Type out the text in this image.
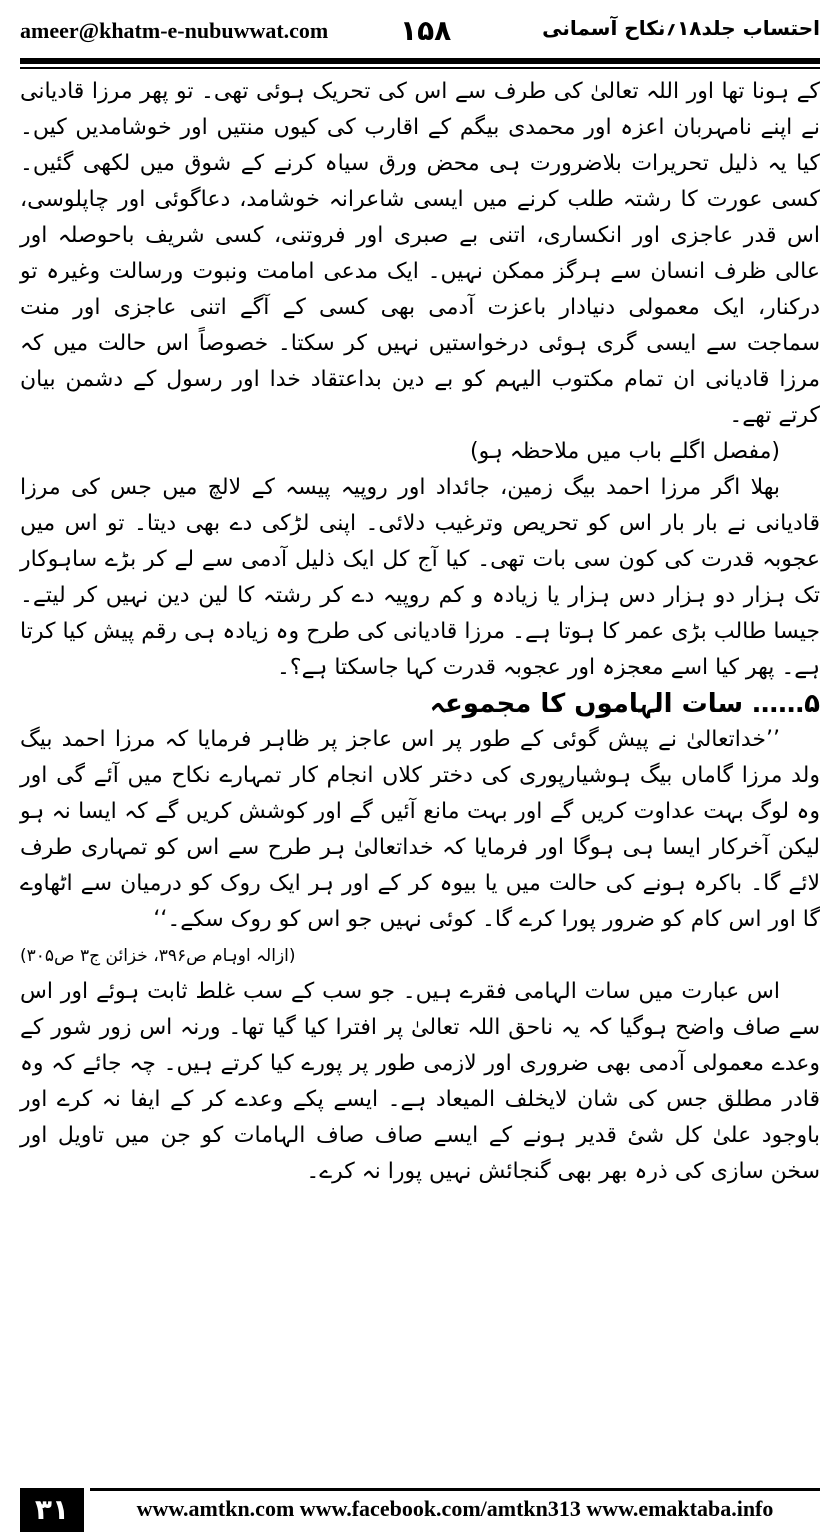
ameer@khatm-e-nubuwwat.com	۱۵۸	احتساب جلد۱۸؍نکاح آسمانی

کے ہونا تھا اور اللہ تعالیٰ کی طرف سے اس کی تحریک ہوئی تھی۔ تو پھر مرزا قادیانی نے اپنے نامہربان اعزہ اور محمدی بیگم کے اقارب کی کیوں منتیں اور خوشامدیں کیں۔ کیا یہ ذلیل تحریرات بلاضرورت ہی محض ورق سیاہ کرنے کے شوق میں لکھی گئیں۔ کسی عورت کا رشتہ طلب کرنے میں ایسی شاعرانہ خوشامد، دعاگوئی اور چاپلوسی، اس قدر عاجزی اور انکساری، اتنی بے صبری اور فروتنی، کسی شریف باحوصلہ اور عالی ظرف انسان سے ہرگز ممکن نہیں۔ ایک مدعی امامت ونبوت ورسالت وغیرہ تو درکنار، ایک معمولی دنیادار باعزت آدمی بھی کسی کے آگے اتنی عاجزی اور منت سماجت سے ایسی گری ہوئی درخواستیں نہیں کر سکتا۔ خصوصاً اس حالت میں کہ مرزا قادیانی ان تمام مکتوب الیہم کو بے دین بداعتقاد خدا اور رسول کے دشمن بیان کرتے تھے۔

(مفصل اگلے باب میں ملاحظہ ہو)

بھلا اگر مرزا احمد بیگ زمین، جائداد اور روپیہ پیسہ کے لالچ میں جس کی مرزا قادیانی نے بار بار اس کو تحریص وترغیب دلائی۔ اپنی لڑکی دے بھی دیتا۔ تو اس میں عجوبہ قدرت کی کون سی بات تھی۔ کیا آج کل ایک ذلیل آدمی سے لے کر بڑے ساہوکار تک ہزار دو ہزار دس ہزار یا زیادہ و کم روپیہ دے کر رشتہ کا لین دین نہیں کر لیتے۔ جیسا طالب بڑی عمر کا ہوتا ہے۔ مرزا قادیانی کی طرح وہ زیادہ ہی رقم پیش کیا کرتا ہے۔ پھر کیا اسے معجزہ اور عجوبہ قدرت کہا جاسکتا ہے؟۔

۵…… سات الہاموں کا مجموعہ

’’خداتعالیٰ نے پیش گوئی کے طور پر اس عاجز پر ظاہر فرمایا کہ مرزا احمد بیگ ولد مرزا گاماں بیگ ہوشیارپوری کی دختر کلاں انجام کار تمہارے نکاح میں آئے گی اور وہ لوگ بہت عداوت کریں گے اور بہت مانع آئیں گے اور کوشش کریں گے کہ ایسا نہ ہو لیکن آخرکار ایسا ہی ہوگا اور فرمایا کہ خداتعالیٰ ہر طرح سے اس کو تمہاری طرف لائے گا۔ باکرہ ہونے کی حالت میں یا بیوہ کر کے اور ہر ایک روک کو درمیان سے اٹھاوے گا اور اس کام کو ضرور پورا کرے گا۔ کوئی نہیں جو اس کو روک سکے۔‘‘

(ازالہ اوہام ص۳۹۶، خزائن ج۳ ص۳۰۵)

اس عبارت میں سات الہامی فقرے ہیں۔ جو سب کے سب غلط ثابت ہوئے اور اس سے صاف واضح ہوگیا کہ یہ ناحق اللہ تعالیٰ پر افترا کیا گیا تھا۔ ورنہ اس زور شور کے وعدے معمولی آدمی بھی ضروری اور لازمی طور پر پورے کیا کرتے ہیں۔ چہ جائے کہ وہ قادر مطلق جس کی شان لایخلف المیعاد ہے۔ ایسے پکے وعدے کر کے ایفا نہ کرے اور باوجود علیٰ کل شیٔ قدیر ہونے کے ایسے صاف صاف الہامات کو جن میں تاویل اور سخن سازی کی ذرہ بھر بھی گنجائش نہیں پورا نہ کرے۔

۳۱	www.amtkn.com www.facebook.com/amtkn313 www.emaktaba.info
